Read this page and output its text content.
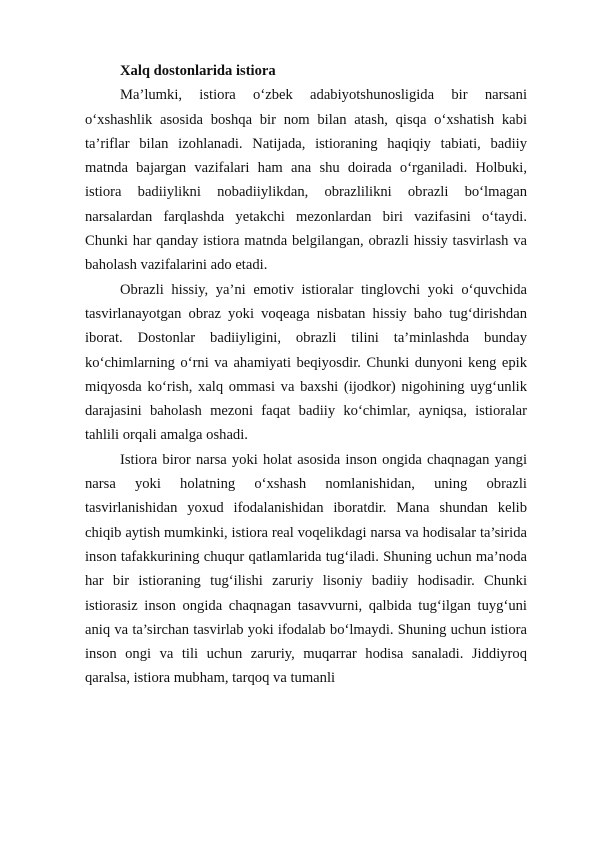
Xalq dostonlarida istiora

Ma’lumki, istiora o‘zbek adabiyotshunosligida bir narsani o‘xshashlik asosida boshqa bir nom bilan atash, qisqa o‘xshatish kabi ta’riflar bilan izohlanadi. Natijada, istioraning haqiqiy tabiati, badiiy matnda bajargan vazifalari ham ana shu doirada o‘rganiladi. Holbuki, istiora badiiylikni nobadiiylikdan, obrazlilikni obrazli bo‘lmagan narsalardan farqlashda yetakchi mezonlardan biri vazifasini o‘taydi. Chunki har qanday istiora matnda belgilangan, obrazli hissiy tasvirlash va baholash vazifalarini ado etadi.

Obrazli hissiy, ya’ni emotiv istioralar tinglovchi yoki o‘quvchida tasvirlanayotgan obraz yoki voqeaga nisbatan hissiy baho tug‘dirishdan iborat. Dostonlar badiiyligini, obrazli tilini ta’minlashda bunday ko‘chimlarning o‘rni va ahamiyati beqiyosdir. Chunki dunyoni keng epik miqyosda ko‘rish, xalq ommasi va baxshi (ijodkor) nigohining uyg‘unlik darajasini baholash mezoni faqat badiiy ko‘chimlar, ayniqsa, istioralar tahlili orqali amalga oshadi.

Istiora biror narsa yoki holat asosida inson ongida chaqnagan yangi narsa yoki holatning o‘xshash nomlanishidan, uning obrazli tasvirlanishidan yoxud ifodalanishidan iboratdir. Mana shundan kelib chiqib aytish mumkinki, istiora real voqelikdagi narsa va hodisalar ta’sirida inson tafakkurining chuqur qatlamlarida tug‘iladi. Shuning uchun ma’noda har bir istioraning tug‘ilishi zaruriy lisoniy badiiy hodisadir. Chunki istiorasiz inson ongida chaqnagan tasavvurni, qalbida tug‘ilgan tuyg‘uni aniq va ta’sirchan tasvirlab yoki ifodalab bo‘lmaydi. Shuning uchun istiora inson ongi va tili uchun zaruriy, muqarrar hodisa sanaladi. Jiddiyroq qaralsa, istiora mubham, tarqoq va tumanli
